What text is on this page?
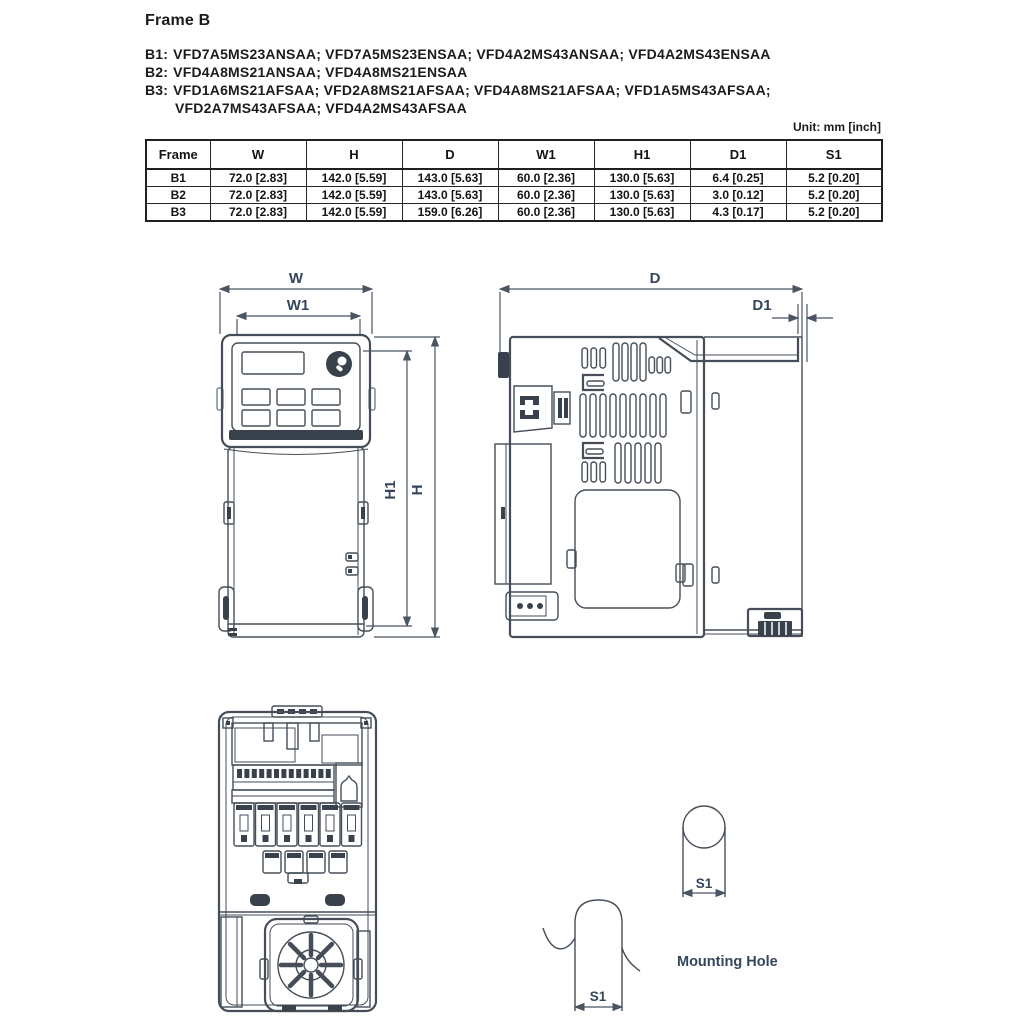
Frame B
B1: VFD7A5MS23ANSAA; VFD7A5MS23ENSAA; VFD4A2MS43ANSAA; VFD4A2MS43ENSAA
B2: VFD4A8MS21ANSAA; VFD4A8MS21ENSAA
B3: VFD1A6MS21AFSAA; VFD2A8MS21AFSAA; VFD4A8MS21AFSAA; VFD1A5MS43AFSAA;
VFD2A7MS43AFSAA; VFD4A2MS43AFSAA
Unit: mm [inch]
Frame	W	H	D	W1	H1	D1	S1
B1	72.0 [2.83]	142.0 [5.59]	143.0 [5.63]	60.0 [2.36]	130.0 [5.63]	6.4 [0.25]	5.2 [0.20]
B2	72.0 [2.83]	142.0 [5.59]	143.0 [5.63]	60.0 [2.36]	130.0 [5.63]	3.0 [0.12]	5.2 [0.20]
B3	72.0 [2.83]	142.0 [5.59]	159.0 [6.26]	60.0 [2.36]	130.0 [5.63]	4.3 [0.17]	5.2 [0.20]
W
W1
H
H1
D
D1
S1
S1
Mounting Hole
